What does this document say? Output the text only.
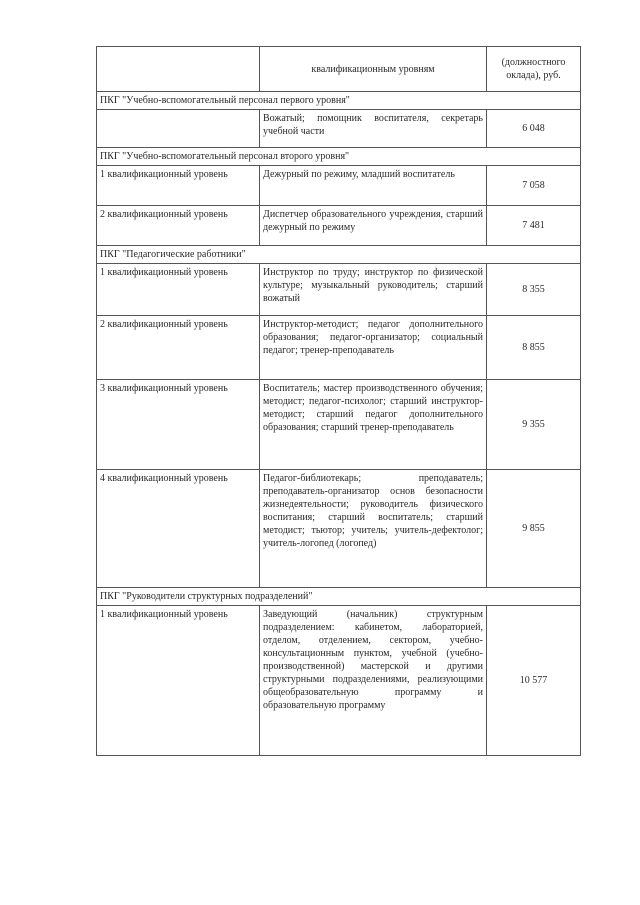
	квалификационным уровням	(должностного оклада), руб.
ПКГ "Учебно-вспомогательный персонал первого уровня"		
	Вожатый; помощник воспитателя, секретарь учебной части	6 048
ПКГ "Учебно-вспомогательный персонал второго уровня"		
1 квалификационный уровень	Дежурный по режиму, младший воспитатель	7 058
2 квалификационный уровень	Диспетчер образовательного учреждения, старший дежурный по режиму	7 481
ПКГ "Педагогические работники"		
1 квалификационный уровень	Инструктор по труду; инструктор по физической культуре; музыкальный руководитель; старший вожатый	8 355
2 квалификационный уровень	Инструктор-методист; педагог дополнительного образования; педагог-организатор; социальный педагог; тренер-преподаватель	8 855
3 квалификационный уровень	Воспитатель; мастер производственного обучения; методист; педагог-психолог; старший инструктор-методист; старший педагог дополнительного образования; старший тренер-преподаватель	9 355
4 квалификационный уровень	Педагог-библиотекарь; преподаватель; преподаватель-организатор основ безопасности жизнедеятельности; руководитель физического воспитания; старший воспитатель; старший методист; тьютор; учитель; учитель-дефектолог; учитель-логопед (логопед)	9 855
ПКГ "Руководители структурных подразделений"		
1 квалификационный уровень	Заведующий (начальник) структурным подразделением: кабинетом, лабораторией, отделом, отделением, сектором, учебно-консультационным пунктом, учебной (учебно-производственной) мастерской и другими структурными подразделениями, реализующими общеобразовательную программу и образовательную программу	10 577
